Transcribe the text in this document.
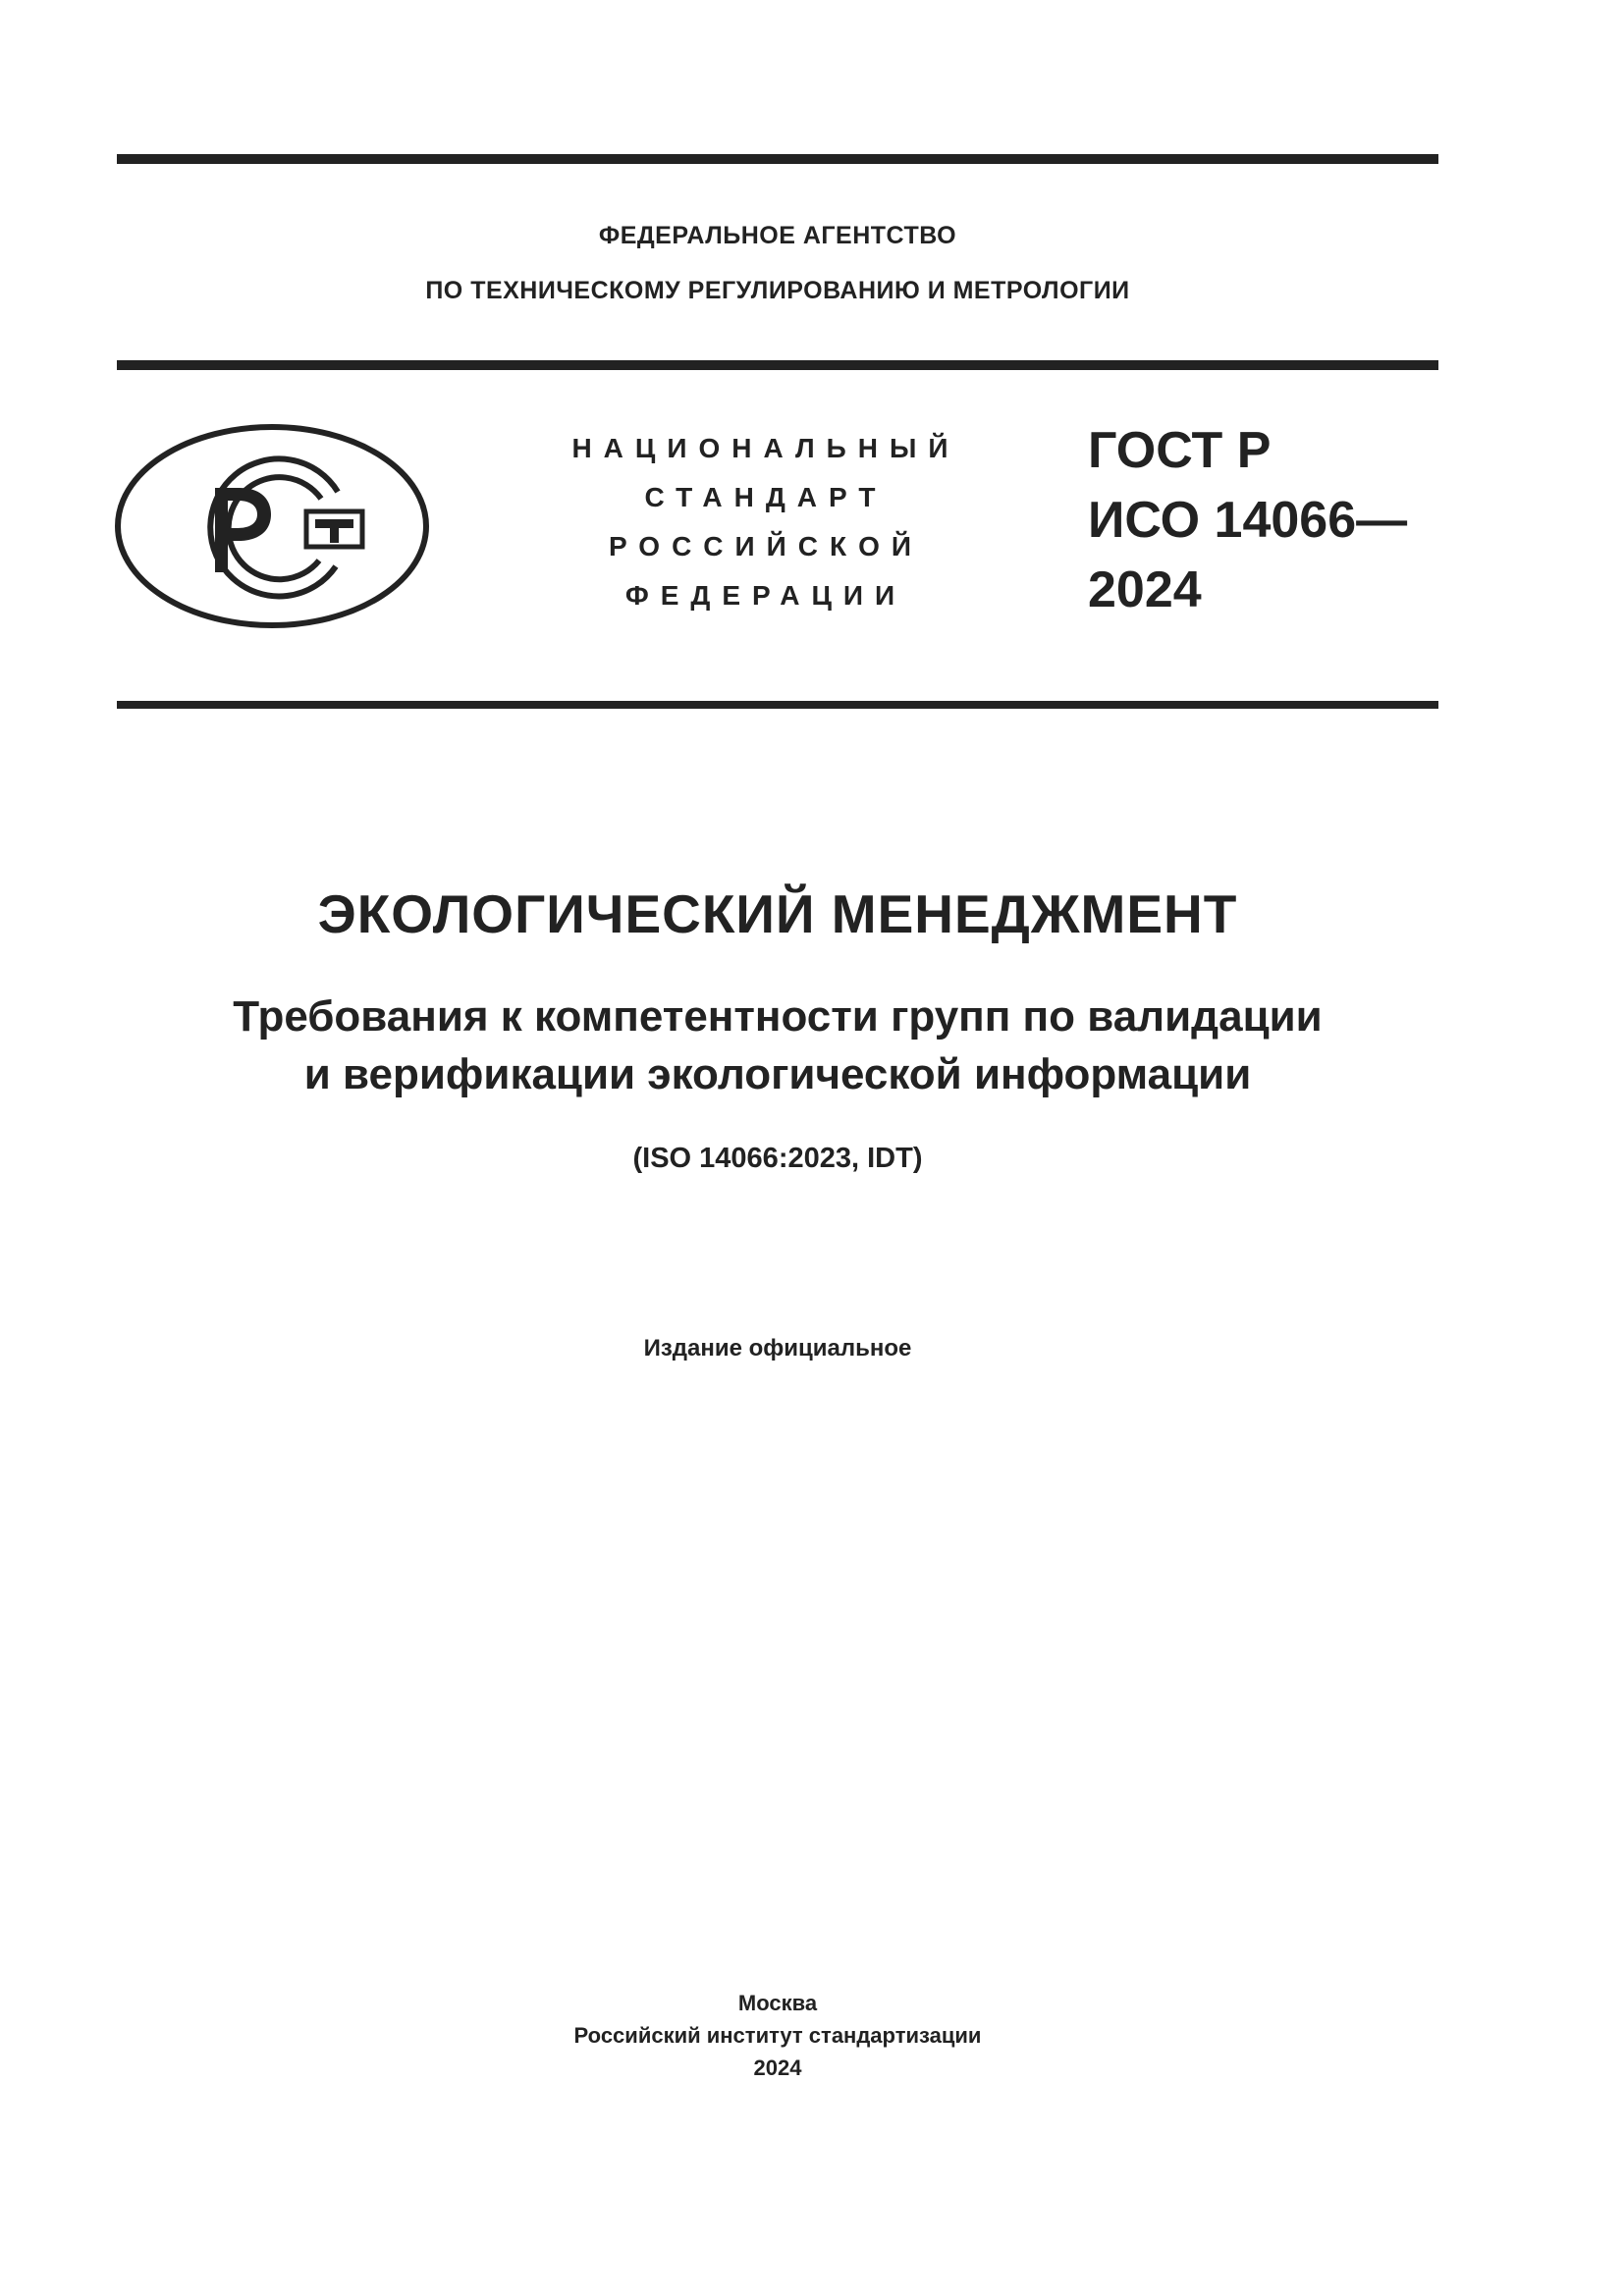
ФЕДЕРАЛЬНОЕ АГЕНТСТВО
ПО ТЕХНИЧЕСКОМУ РЕГУЛИРОВАНИЮ И МЕТРОЛОГИИ
НАЦИОНАЛЬНЫЙ
СТАНДАРТ
РОССИЙСКОЙ
ФЕДЕРАЦИИ
ГОСТ Р
ИСО 14066—
2024
ЭКОЛОГИЧЕСКИЙ МЕНЕДЖМЕНТ
Требования к компетентности групп по валидации
и верификации экологической информации
(ISO 14066:2023, IDT)
Издание официальное
Москва
Российский институт стандартизации
2024
